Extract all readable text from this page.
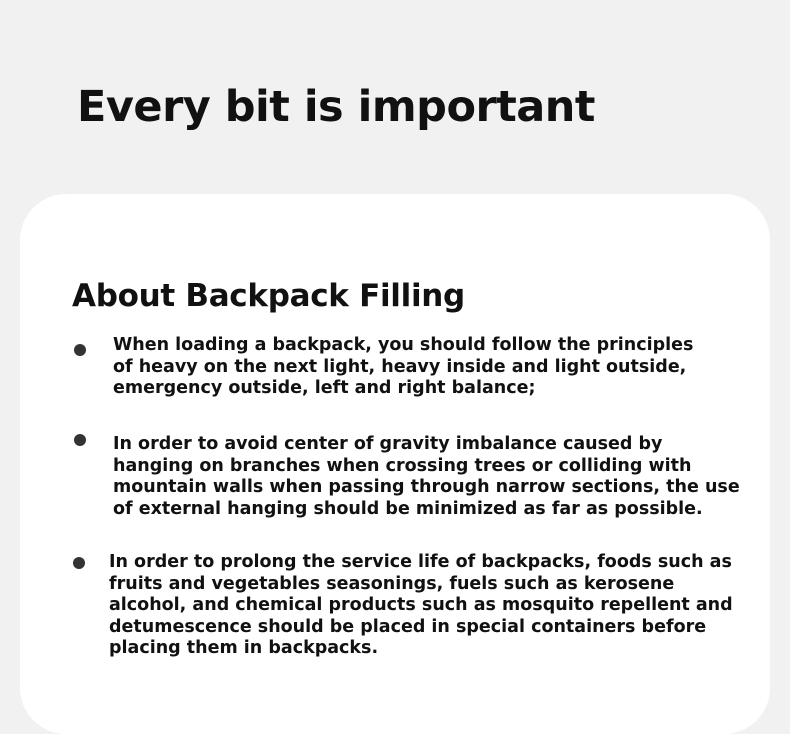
Every bit is important
About Backpack Filling

When loading a backpack, you should follow the principles
of heavy on the next light, heavy inside and light outside,
emergency outside, left and right balance;

In order to avoid center of gravity imbalance caused by
hanging on branches when crossing trees or colliding with
mountain walls when passing through narrow sections, the use
of external hanging should be minimized as far as possible.

In order to prolong the service life of backpacks, foods such as
fruits and vegetables seasonings, fuels such as kerosene
alcohol, and chemical products such as mosquito repellent and
detumescence should be placed in special containers before
placing them in backpacks.
